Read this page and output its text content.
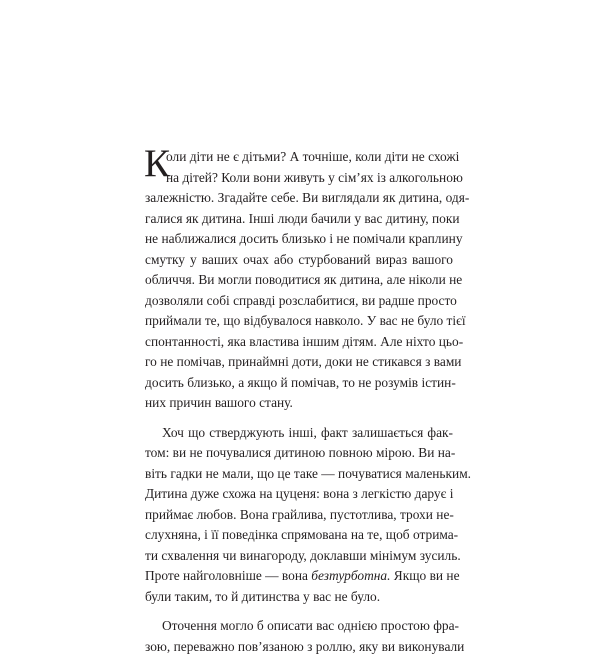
К
оли діти не є дітьми? А точніше, коли діти не схожі
на дітей? Коли вони живуть у сім’ях із алкогольною
залежністю. Згадайте себе. Ви виглядали як дитина, одя-
галися як дитина. Інші люди бачили у вас дитину, поки
не наближалися досить близько і не помічали краплину
смутку у ваших очах або стурбований вираз вашого
обличчя. Ви могли поводитися як дитина, але ніколи не
дозволяли собі справді розслабитися, ви радше просто
приймали те, що відбувалося навколо. У вас не було тієї
спонтанності, яка властива іншим дітям. Але ніхто цьо-
го не помічав, принаймні доти, доки не стикався з вами
досить близько, а якщо й помічав, то не розумів істин-
них причин вашого стану.
Хоч що стверджують інші, факт залишається фак-
том: ви не почувалися дитиною повною мірою. Ви на-
віть гадки не мали, що це таке — почуватися маленьким.
Дитина дуже схожа на цуценя: вона з легкістю дарує і
приймає любов. Вона грайлива, пустотлива, трохи не-
слухняна, і її поведінка спрямована на те, щоб отрима-
ти схвалення чи винагороду, доклавши мінімум зусиль.
Проте найголовніше — вона безтурботна. Якщо ви не
були таким, то й дитинства у вас не було.
Оточення могло б описати вас однією простою фра-
зою, переважно пов’язаною з роллю, яку ви виконували
